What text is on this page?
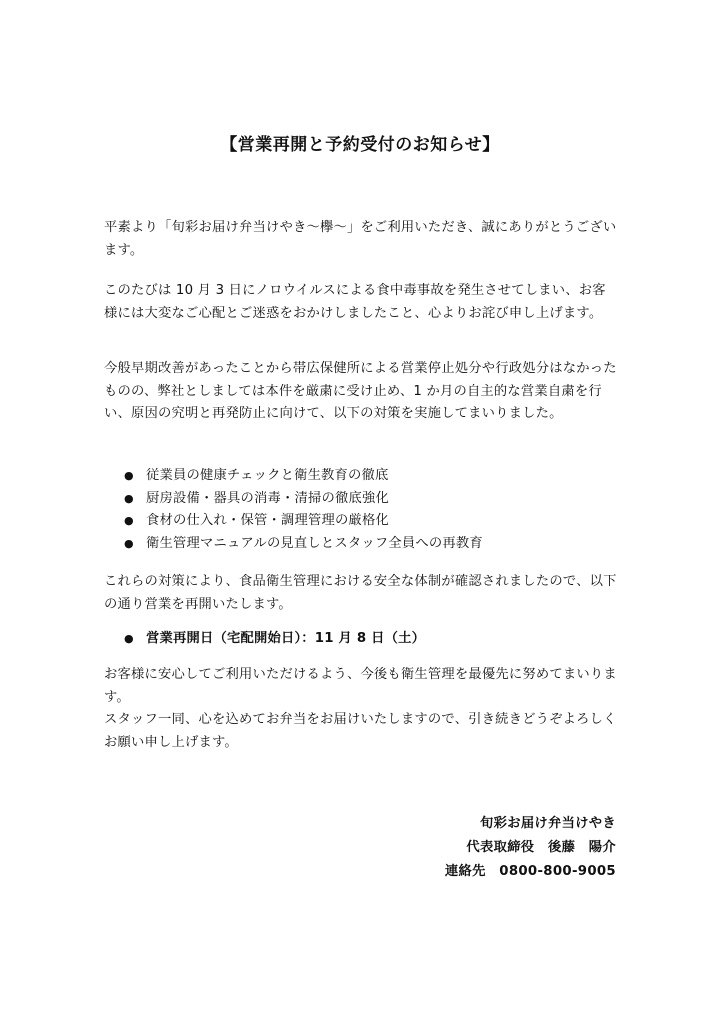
【営業再開と予約受付のお知らせ】

平素より「旬彩お届け弁当けやき～欅～」をご利用いただき、誠にありがとうございます。

このたびは 10 月 3 日にノロウイルスによる食中毒事故を発生させてしまい、お客様には大変なご心配とご迷惑をおかけしましたこと、心よりお詫び申し上げます。

今般早期改善があったことから帯広保健所による営業停止処分や行政処分はなかったものの、弊社としましては本件を厳粛に受け止め、1 か月の自主的な営業自粛を行い、原因の究明と再発防止に向けて、以下の対策を実施してまいりました。

● 従業員の健康チェックと衛生教育の徹底
● 厨房設備・器具の消毒・清掃の徹底強化
● 食材の仕入れ・保管・調理管理の厳格化
● 衛生管理マニュアルの見直しとスタッフ全員への再教育

これらの対策により、食品衛生管理における安全な体制が確認されましたので、以下の通り営業を再開いたします。

● 営業再開日（宅配開始日）：11 月 8 日（土）

お客様に安心してご利用いただけるよう、今後も衛生管理を最優先に努めてまいります。

スタッフ一同、心を込めてお弁当をお届けいたしますので、引き続きどうぞよろしくお願い申し上げます。

旬彩お届け弁当けやき
代表取締役　後藤　陽介
連絡先　0800-800-9005
